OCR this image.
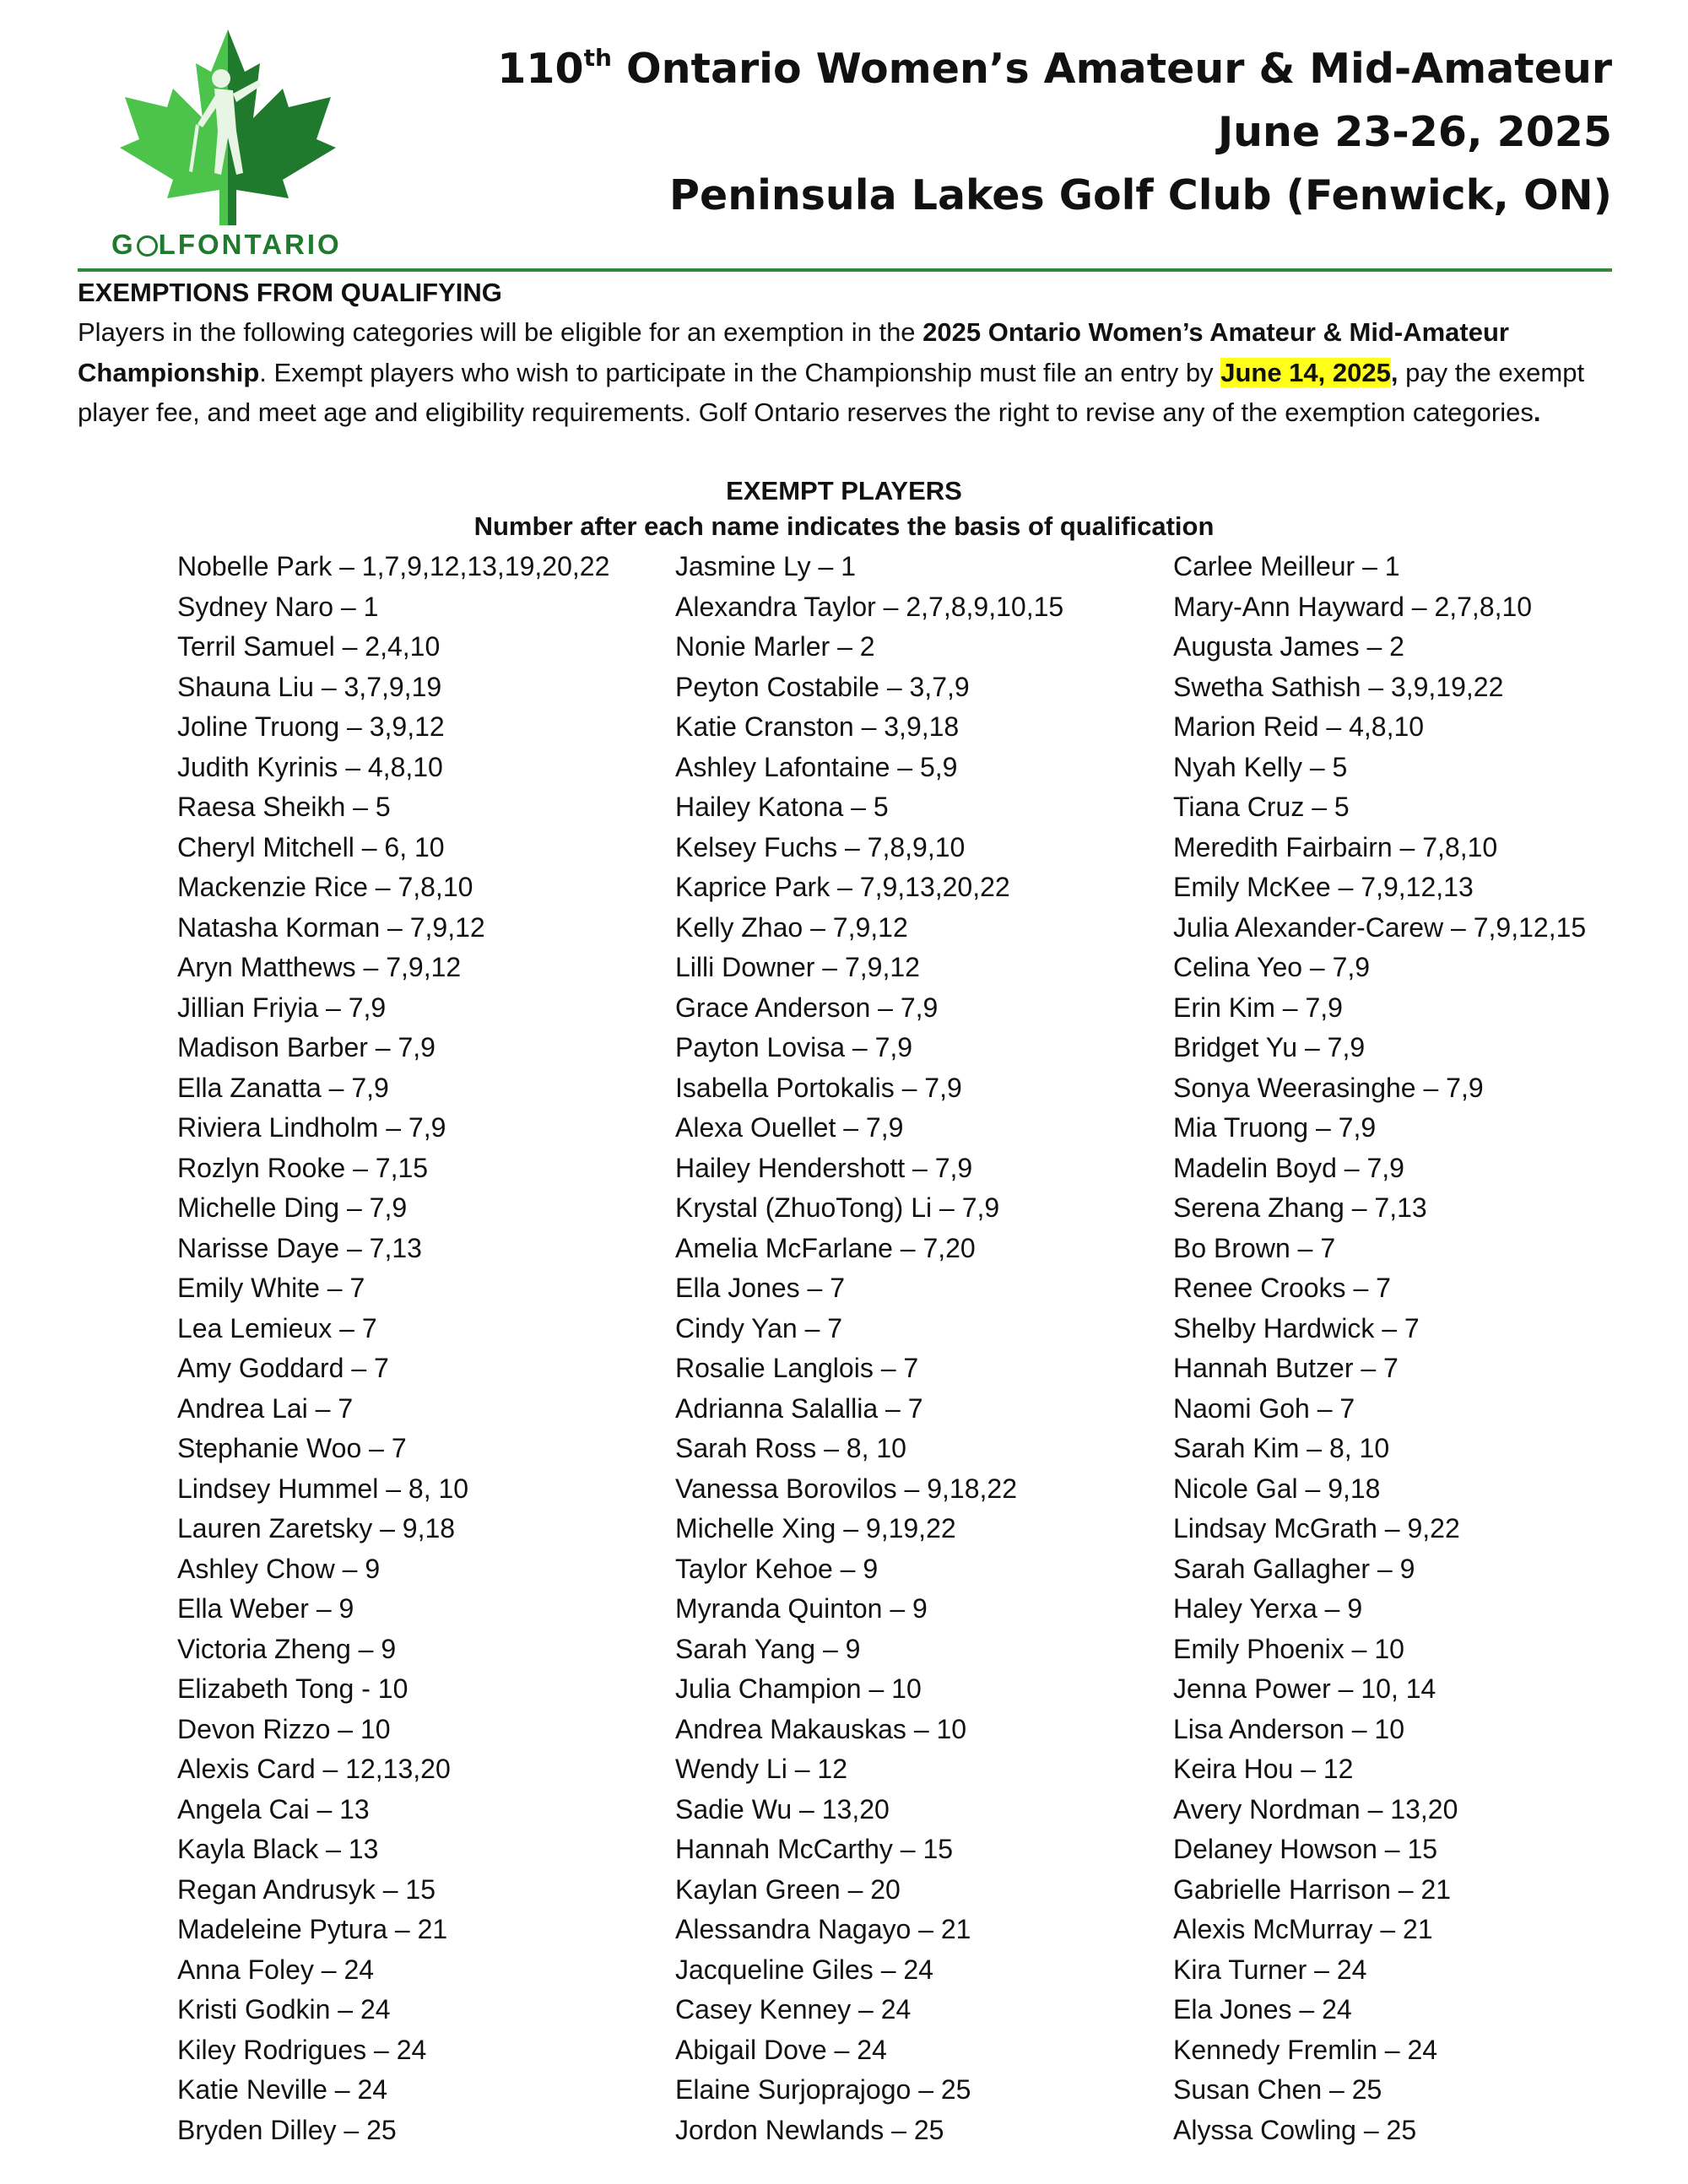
G LFONTARIO
110th Ontario Women’s Amateur & Mid-Amateur
June 23-26, 2025
Peninsula Lakes Golf Club (Fenwick, ON)
EXEMPTIONS FROM QUALIFYING
Players in the following categories will be eligible for an exemption in the 2025 Ontario Women’s Amateur & Mid-Amateur Championship. Exempt players who wish to participate in the Championship must file an entry by June 14, 2025, pay the exempt player fee, and meet age and eligibility requirements. Golf Ontario reserves the right to revise any of the exemption categories.
EXEMPT PLAYERS
Number after each name indicates the basis of qualification
Nobelle Park – 1,7,9,12,13,19,20,22
Sydney Naro – 1
Terril Samuel – 2,4,10
Shauna Liu – 3,7,9,19
Joline Truong – 3,9,12
Judith Kyrinis – 4,8,10
Raesa Sheikh – 5
Cheryl Mitchell – 6, 10
Mackenzie Rice – 7,8,10
Natasha Korman – 7,9,12
Aryn Matthews – 7,9,12
Jillian Friyia – 7,9
Madison Barber – 7,9
Ella Zanatta – 7,9
Riviera Lindholm – 7,9
Rozlyn Rooke – 7,15
Michelle Ding – 7,9
Narisse Daye – 7,13
Emily White – 7
Lea Lemieux – 7
Amy Goddard – 7
Andrea Lai – 7
Stephanie Woo – 7
Lindsey Hummel – 8, 10
Lauren Zaretsky – 9,18
Ashley Chow – 9
Ella Weber – 9
Victoria Zheng – 9
Elizabeth Tong - 10
Devon Rizzo – 10
Alexis Card – 12,13,20
Angela Cai – 13
Kayla Black – 13
Regan Andrusyk – 15
Madeleine Pytura – 21
Anna Foley – 24
Kristi Godkin – 24
Kiley Rodrigues – 24
Katie Neville – 24
Bryden Dilley – 25
Jasmine Ly – 1
Alexandra Taylor – 2,7,8,9,10,15
Nonie Marler – 2
Peyton Costabile – 3,7,9
Katie Cranston – 3,9,18
Ashley Lafontaine – 5,9
Hailey Katona – 5
Kelsey Fuchs – 7,8,9,10
Kaprice Park – 7,9,13,20,22
Kelly Zhao – 7,9,12
Lilli Downer – 7,9,12
Grace Anderson – 7,9
Payton Lovisa – 7,9
Isabella Portokalis – 7,9
Alexa Ouellet – 7,9
Hailey Hendershott – 7,9
Krystal (ZhuoTong) Li – 7,9
Amelia McFarlane – 7,20
Ella Jones – 7
Cindy Yan – 7
Rosalie Langlois – 7
Adrianna Salallia – 7
Sarah Ross – 8, 10
Vanessa Borovilos – 9,18,22
Michelle Xing – 9,19,22
Taylor Kehoe – 9
Myranda Quinton – 9
Sarah Yang – 9
Julia Champion – 10
Andrea Makauskas – 10
Wendy Li – 12
Sadie Wu – 13,20
Hannah McCarthy – 15
Kaylan Green – 20
Alessandra Nagayo – 21
Jacqueline Giles – 24
Casey Kenney – 24
Abigail Dove – 24
Elaine Surjoprajogo – 25
Jordon Newlands – 25
Carlee Meilleur – 1
Mary-Ann Hayward – 2,7,8,10
Augusta James – 2
Swetha Sathish – 3,9,19,22
Marion Reid – 4,8,10
Nyah Kelly – 5
Tiana Cruz – 5
Meredith Fairbairn – 7,8,10
Emily McKee – 7,9,12,13
Julia Alexander-Carew – 7,9,12,15
Celina Yeo – 7,9
Erin Kim – 7,9
Bridget Yu – 7,9
Sonya Weerasinghe – 7,9
Mia Truong – 7,9
Madelin Boyd – 7,9
Serena Zhang – 7,13
Bo Brown – 7
Renee Crooks – 7
Shelby Hardwick – 7
Hannah Butzer – 7
Naomi Goh – 7
Sarah Kim – 8, 10
Nicole Gal – 9,18
Lindsay McGrath – 9,22
Sarah Gallagher – 9
Haley Yerxa – 9
Emily Phoenix – 10
Jenna Power – 10, 14
Lisa Anderson – 10
Keira Hou – 12
Avery Nordman – 13,20
Delaney Howson – 15
Gabrielle Harrison – 21
Alexis McMurray – 21
Kira Turner – 24
Ela Jones – 24
Kennedy Fremlin – 24
Susan Chen – 25
Alyssa Cowling – 25
